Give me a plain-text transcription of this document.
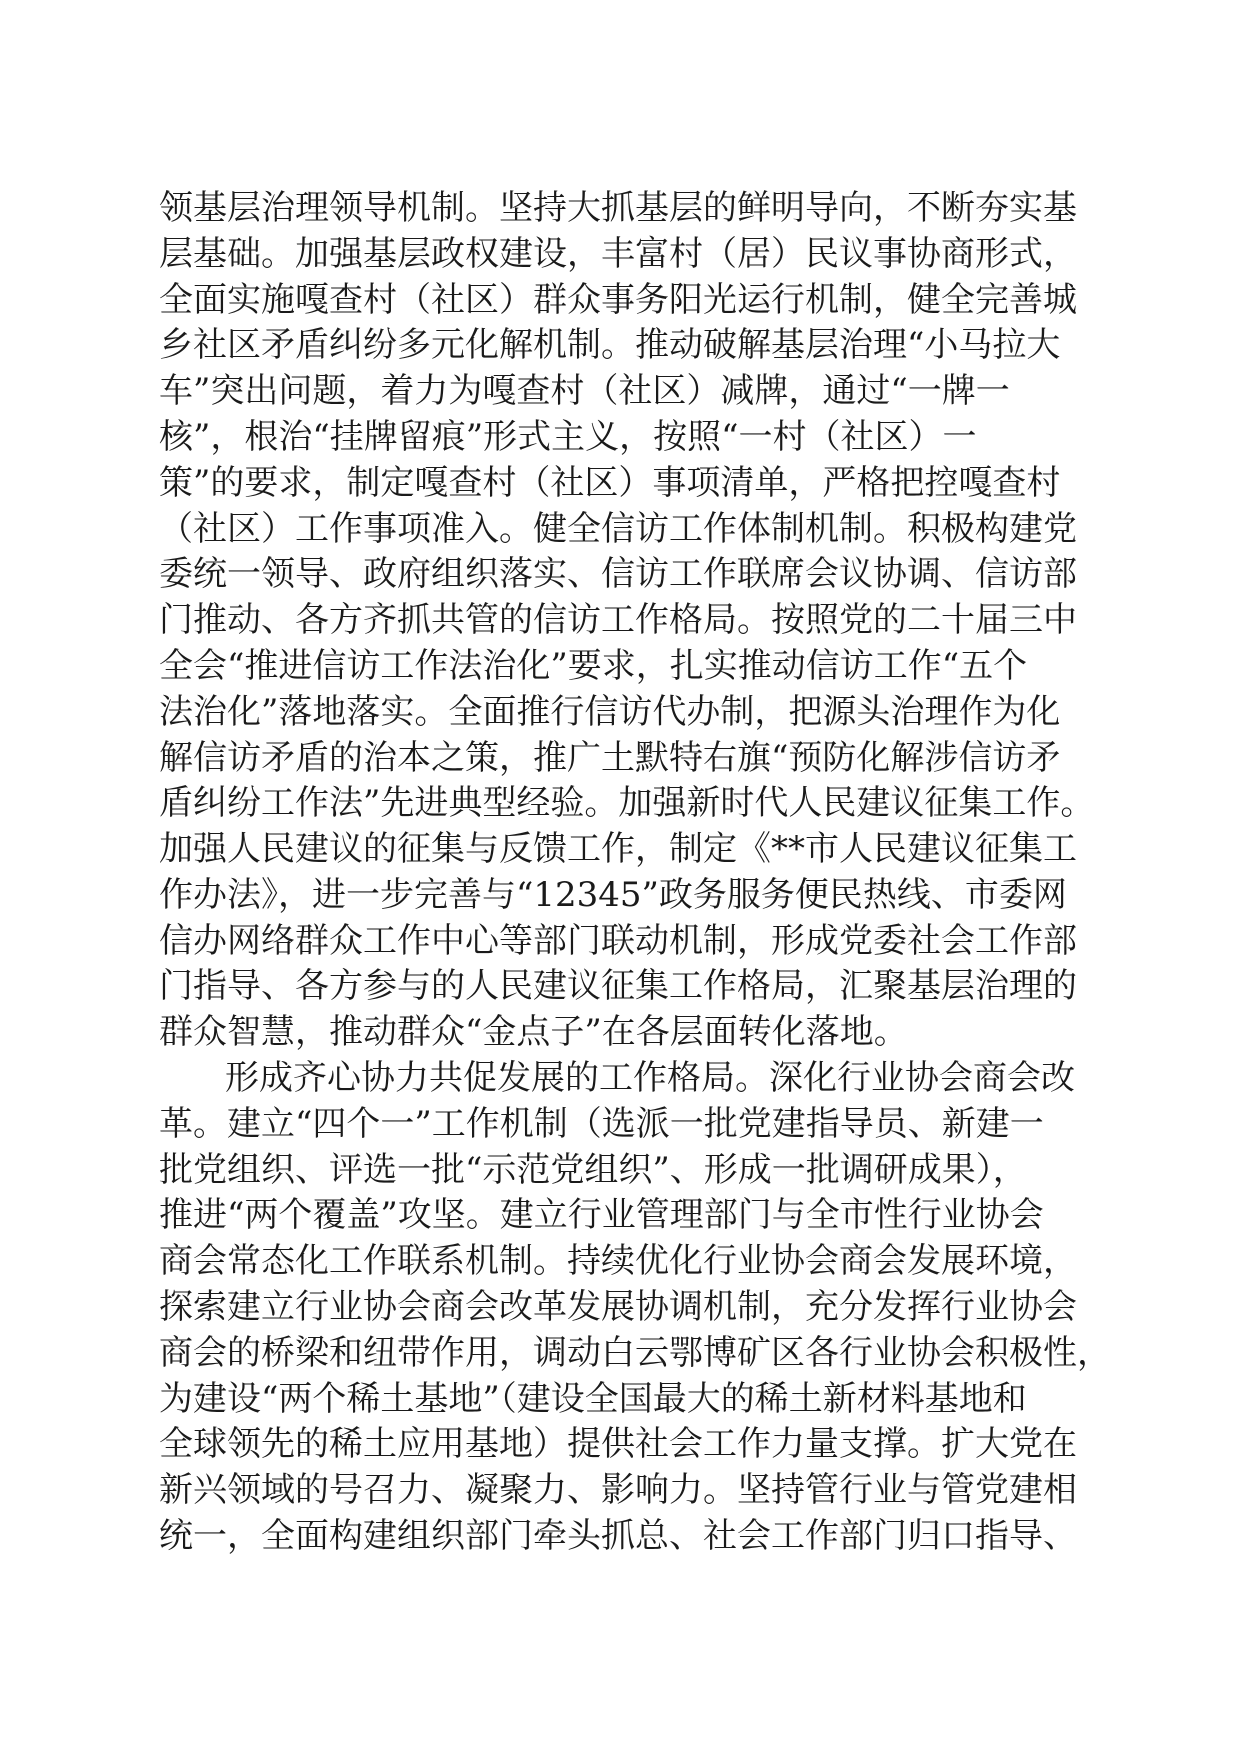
领基层治理领导机制。坚持大抓基层的鲜明导向，不断夯实基
层基础。加强基层政权建设，丰富村（居）民议事协商形式，
全面实施嘎查村（社区）群众事务阳光运行机制，健全完善城
乡社区矛盾纠纷多元化解机制。推动破解基层治理“小马拉大
车”突出问题，着力为嘎查村（社区）减牌，通过“一牌一
核”，根治“挂牌留痕”形式主义，按照“一村（社区）一
策”的要求，制定嘎查村（社区）事项清单，严格把控嘎查村
（社区）工作事项准入。健全信访工作体制机制。积极构建党
委统一领导、政府组织落实、信访工作联席会议协调、信访部
门推动、各方齐抓共管的信访工作格局。按照党的二十届三中
全会“推进信访工作法治化”要求，扎实推动信访工作“五个
法治化”落地落实。全面推行信访代办制，把源头治理作为化
解信访矛盾的治本之策，推广土默特右旗“预防化解涉信访矛
盾纠纷工作法”先进典型经验。加强新时代人民建议征集工作。
加强人民建议的征集与反馈工作，制定《**市人民建议征集工
作办法》，进一步完善与“12345”政务服务便民热线、市委网
信办网络群众工作中心等部门联动机制，形成党委社会工作部
门指导、各方参与的人民建议征集工作格局，汇聚基层治理的
群众智慧，推动群众“金点子”在各层面转化落地。
形成齐心协力共促发展的工作格局。深化行业协会商会改
革。建立“四个一”工作机制（选派一批党建指导员、新建一
批党组织、评选一批“示范党组织”、形成一批调研成果），
推进“两个覆盖”攻坚。建立行业管理部门与全市性行业协会
商会常态化工作联系机制。持续优化行业协会商会发展环境，
探索建立行业协会商会改革发展协调机制，充分发挥行业协会
商会的桥梁和纽带作用，调动白云鄂博矿区各行业协会积极性，
为建设“两个稀土基地”（建设全国最大的稀土新材料基地和
全球领先的稀土应用基地）提供社会工作力量支撑。扩大党在
新兴领域的号召力、凝聚力、影响力。坚持管行业与管党建相
统一，全面构建组织部门牵头抓总、社会工作部门归口指导、
